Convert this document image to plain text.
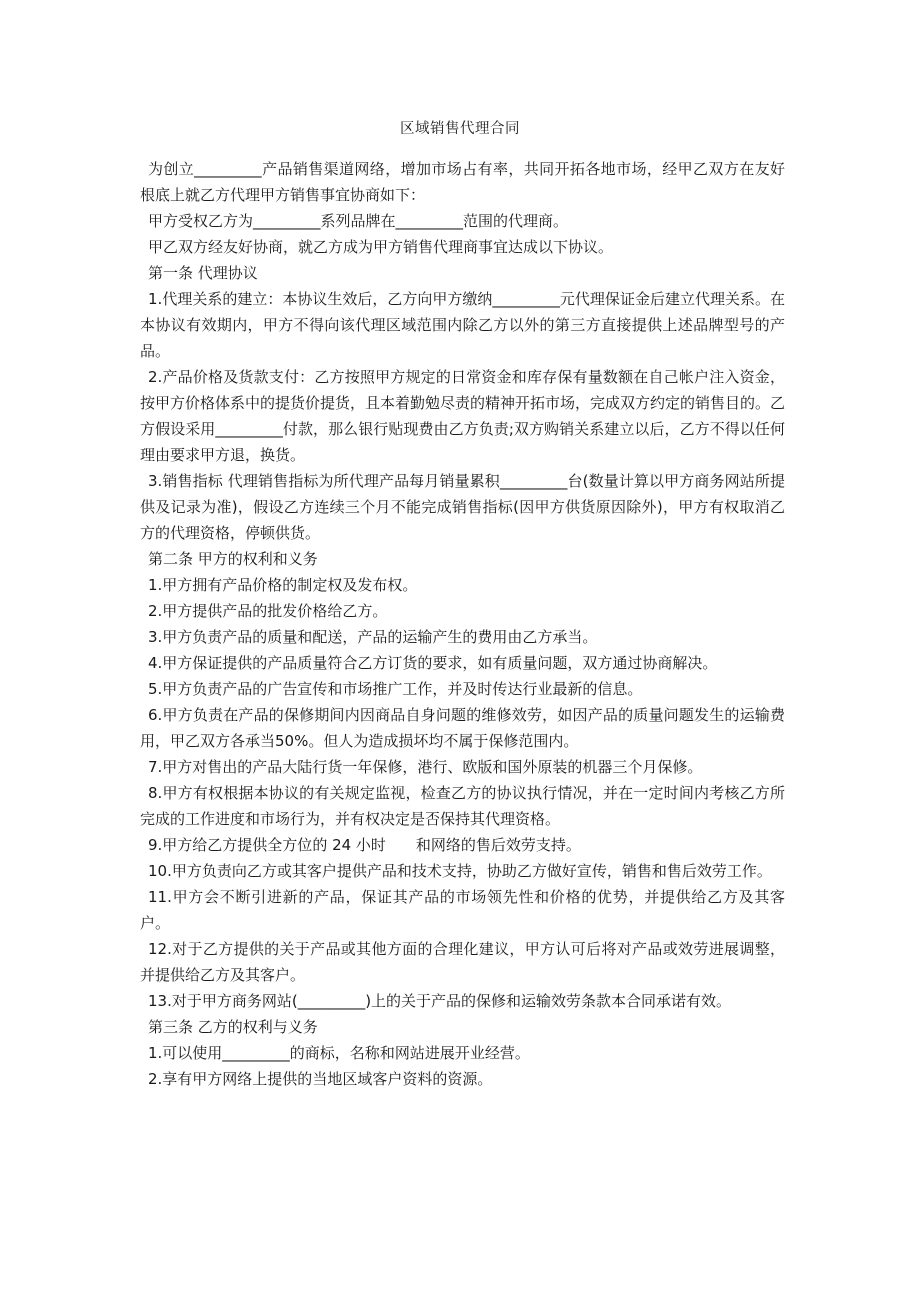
区域销售代理合同

为创立_________产品销售渠道网络，增加市场占有率，共同开拓各地市场，经甲乙双方在友好根底上就乙方代理甲方销售事宜协商如下：

甲方受权乙方为_________系列品牌在_________范围的代理商。

甲乙双方经友好协商，就乙方成为甲方销售代理商事宜达成以下协议。

第一条 代理协议

1.代理关系的建立：本协议生效后，乙方向甲方缴纳_________元代理保证金后建立代理关系。在本协议有效期内，甲方不得向该代理区域范围内除乙方以外的第三方直接提供上述品牌型号的产品。

2.产品价格及货款支付：乙方按照甲方规定的日常资金和库存保有量数额在自己帐户注入资金，按甲方价格体系中的提货价提货，且本着勤勉尽责的精神开拓市场，完成双方约定的销售目的。乙方假设采用_________付款，那么银行贴现费由乙方负责;双方购销关系建立以后，乙方不得以任何理由要求甲方退，换货。

3.销售指标 代理销售指标为所代理产品每月销量累积_________台(数量计算以甲方商务网站所提供及记录为准)，假设乙方连续三个月不能完成销售指标(因甲方供货原因除外)，甲方有权取消乙方的代理资格，停顿供货。

第二条 甲方的权利和义务

1.甲方拥有产品价格的制定权及发布权。

2.甲方提供产品的批发价格给乙方。

3.甲方负责产品的质量和配送，产品的运输产生的费用由乙方承当。

4.甲方保证提供的产品质量符合乙方订货的要求，如有质量问题，双方通过协商解决。

5.甲方负责产品的广告宣传和市场推广工作，并及时传达行业最新的信息。

6.甲方负责在产品的保修期间内因商品自身问题的维修效劳，如因产品的质量问题发生的运输费用，甲乙双方各承当50%。但人为造成损坏均不属于保修范围内。

7.甲方对售出的产品大陆行货一年保修，港行、欧版和国外原装的机器三个月保修。

8.甲方有权根据本协议的有关规定监视，检查乙方的协议执行情况，并在一定时间内考核乙方所完成的工作进度和市场行为，并有权决定是否保持其代理资格。

9.甲方给乙方提供全方位的 24 小时　　和网络的售后效劳支持。

10.甲方负责向乙方或其客户提供产品和技术支持，协助乙方做好宣传，销售和售后效劳工作。

11.甲方会不断引进新的产品，保证其产品的市场领先性和价格的优势，并提供给乙方及其客户。

12.对于乙方提供的关于产品或其他方面的合理化建议，甲方认可后将对产品或效劳进展调整，并提供给乙方及其客户。

13.对于甲方商务网站(_________)上的关于产品的保修和运输效劳条款本合同承诺有效。

第三条 乙方的权利与义务

1.可以使用_________的商标，名称和网站进展开业经营。

2.享有甲方网络上提供的当地区域客户资料的资源。
